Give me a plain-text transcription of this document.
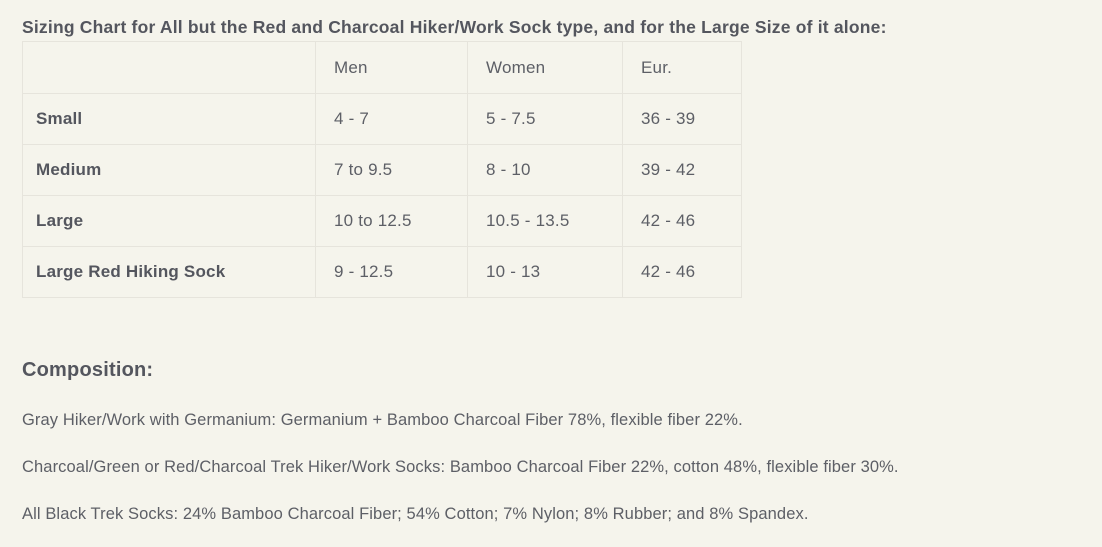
Sizing Chart for All but the Red and Charcoal Hiker/Work Sock type, and for the Large Size of it alone:
	Men	Women	Eur.
Small	4 - 7	5 - 7.5	36 - 39
Medium	7 to 9.5	8 - 10	39 - 42
Large	10 to 12.5	10.5 - 13.5	42 - 46
Large Red Hiking Sock	9 - 12.5	10 - 13	42 - 46
Composition:

Gray Hiker/Work with Germanium: Germanium + Bamboo Charcoal Fiber 78%, flexible fiber 22%.

Charcoal/Green or Red/Charcoal Trek Hiker/Work Socks: Bamboo Charcoal Fiber 22%, cotton 48%, flexible fiber 30%.

All Black Trek Socks: 24% Bamboo Charcoal Fiber; 54% Cotton; 7% Nylon; 8% Rubber; and 8% Spandex.
